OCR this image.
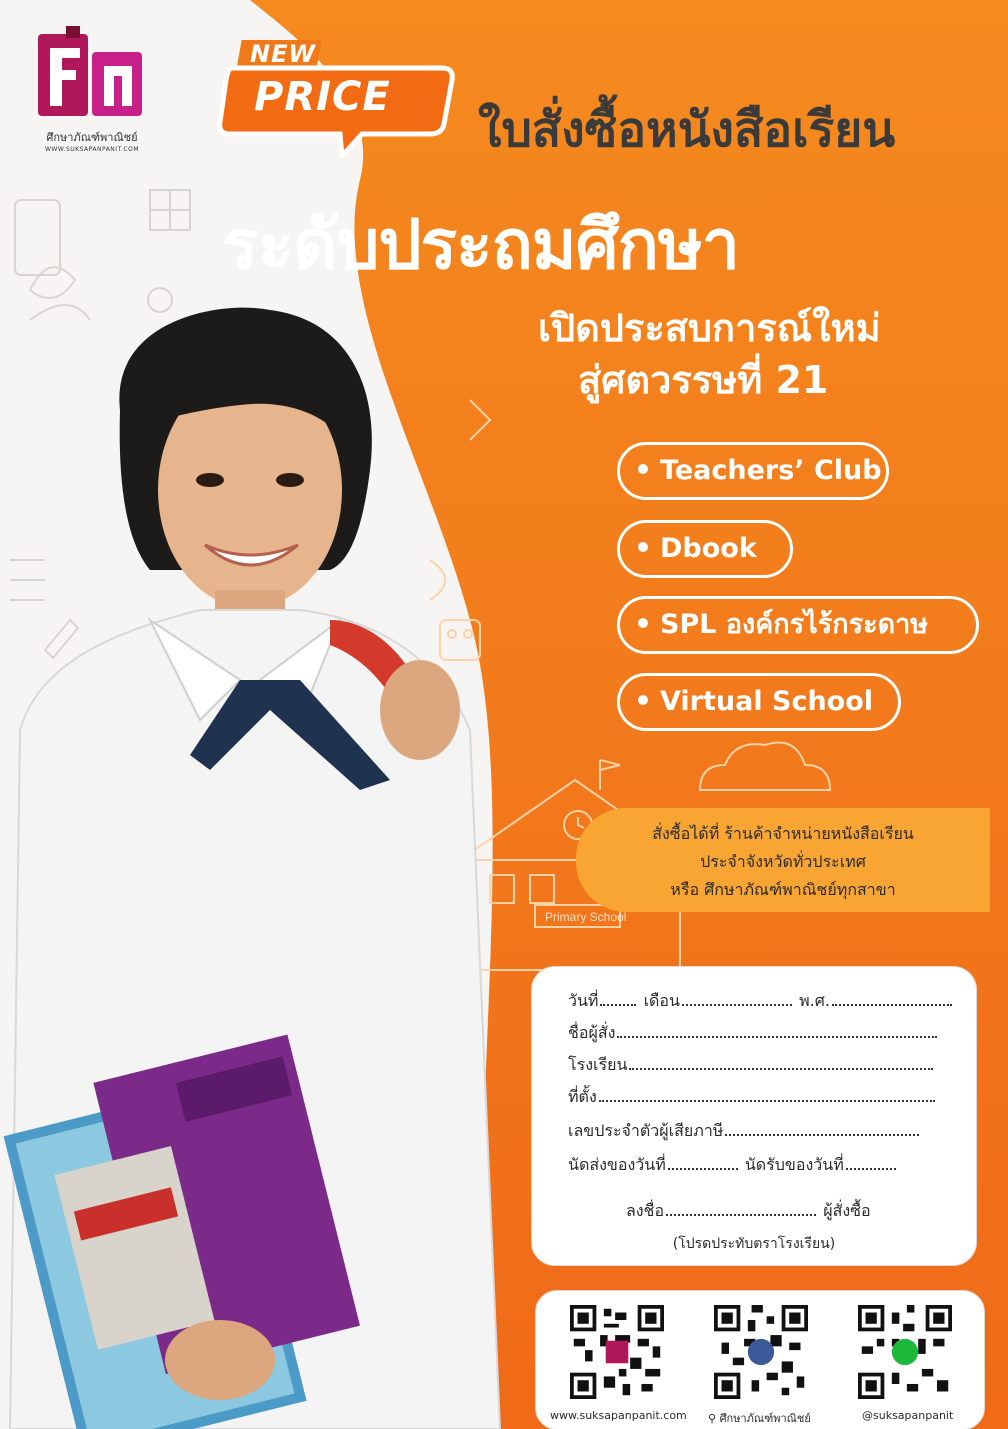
Primary School
ศึกษาภัณฑ์พาณิชย์
WWW.SUKSAPANPANIT.COM
NEW
PRICE
ใบสั่งซื้อหนังสือเรียน
ระดับประถมศึกษา
เปิดประสบการณ์ใหม่
สู่ศตวรรษที่ 21
Teachers’ Club
Dbook
SPL องค์กรไร้กระดาษ
Virtual School
สั่งซื้อได้ที่ ร้านค้าจำหน่ายหนังสือเรียน
ประจำจังหวัดทั่วประเทศ
หรือ ศึกษาภัณฑ์พาณิชย์ทุกสาขา
วันที่	เดือน	พ.ศ.
ชื่อผู้สั่ง
โรงเรียน
ที่ตั้ง
เลขประจำตัวผู้เสียภาษี
นัดส่งของวันที่	นัดรับของวันที่
ลงชื่อ	ผู้สั่งซื้อ
(โปรดประทับตราโรงเรียน)
www.suksapanpanit.com ⚲ ศึกษาภัณฑ์พาณิชย์	@suksapanpanit
